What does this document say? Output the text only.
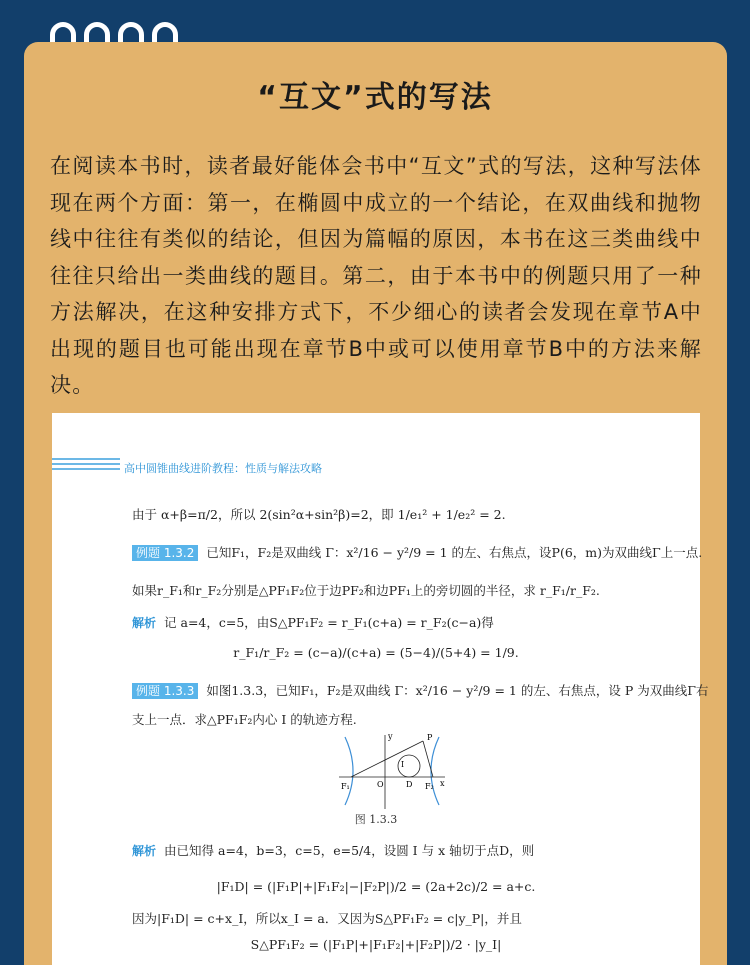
“互文”式的写法
在阅读本书时，读者最好能体会书中“互文”式的写法，这种写法体现在两个方面：第一，在椭圆中成立的一个结论，在双曲线和抛物线中往往有类似的结论，但因为篇幅的原因，本书在这三类曲线中往往只给出一类曲线的题目。第二，由于本书中的例题只用了一种方法解决，在这种安排方式下，不少细心的读者会发现在章节A中出现的题目也可能出现在章节B中或可以使用章节B中的方法来解决。
高中圆锥曲线进阶教程：性质与解法攻略
由于 α+β=π/2，所以 2(sin²α+sin²β)=2，即 1/e₁² + 1/e₂² = 2.
例题 1.3.2 已知F₁，F₂是双曲线 Γ：x²/16 − y²/9 = 1 的左、右焦点，设P(6，m)为双曲线Γ上一点.
如果r_F₁和r_F₂分别是△PF₁F₂位于边PF₂和边PF₁上的旁切圆的半径，求 r_F₁/r_F₂.
解析 记 a=4，c=5，由S△PF₁F₂ = r_F₁(c+a) = r_F₂(c−a)得
r_F₁/r_F₂ = (c−a)/(c+a) = (5−4)/(5+4) = 1/9.
例题 1.3.3 如图1.3.3，已知F₁，F₂是双曲线 Γ：x²/16 − y²/9 = 1 的左、右焦点，设 P 为双曲线Γ右
支上一点．求△PF₁F₂内心 I 的轨迹方程.
P
y
x
I
O	D
F₁	F₂
图 1.3.3
解析 由已知得 a=4，b=3，c=5，e=5/4，设圆 I 与 x 轴切于点D，则
|F₁D| = (|F₁P|+|F₁F₂|−|F₂P|)/2 = (2a+2c)/2 = a+c.
因为|F₁D| = c+x_I，所以x_I = a．又因为S△PF₁F₂ = c|y_P|，并且
S△PF₁F₂ = (|F₁P|+|F₁F₂|+|F₂P|)/2 · |y_I|
